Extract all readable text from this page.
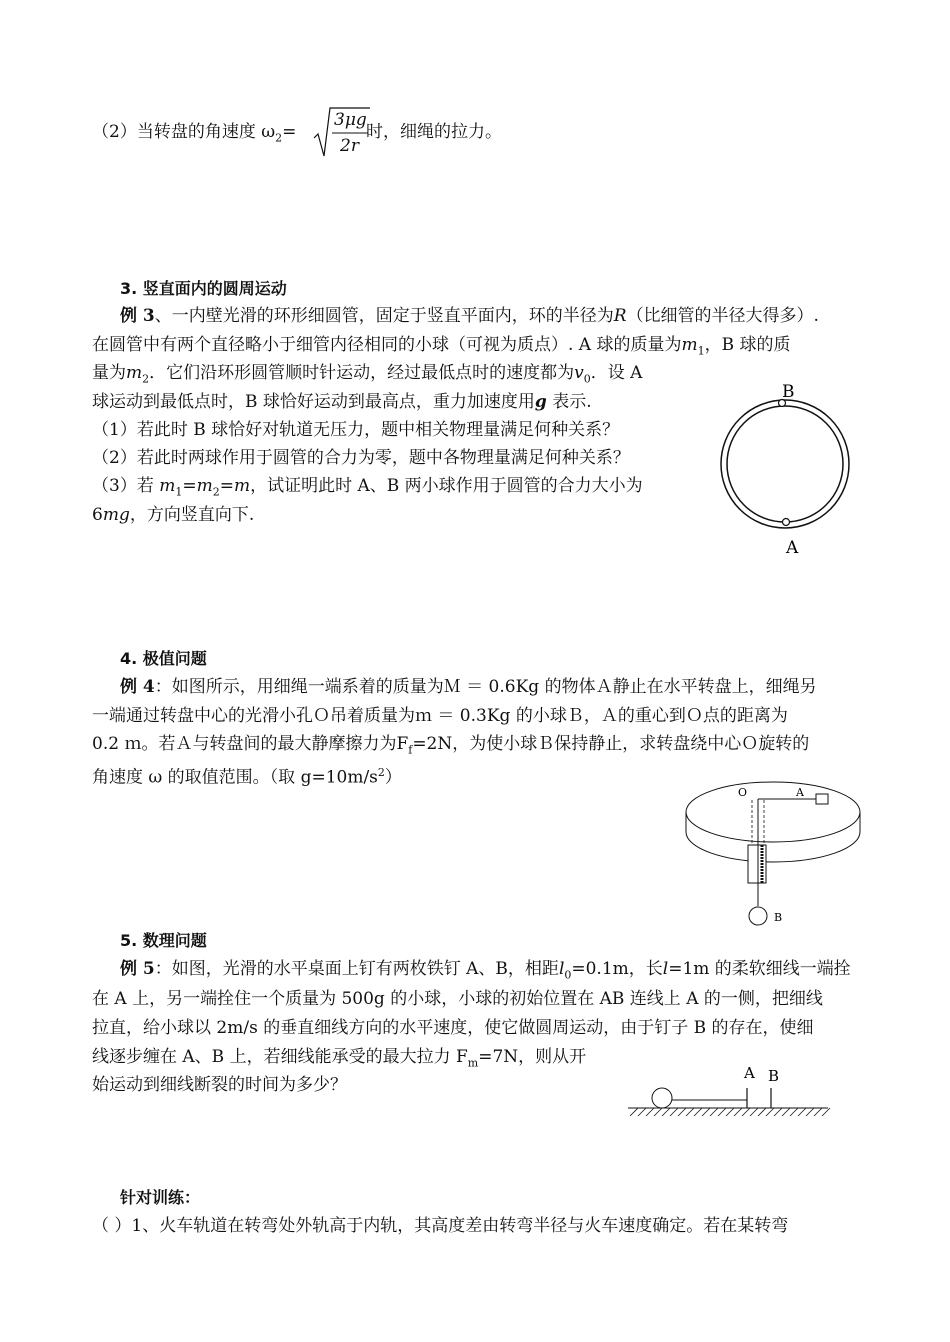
（2）当转盘的角速度 $\omega_2=$
3μg
2r
时，细绳的拉力。
3. 竖直面内的圆周运动
例 3、一内壁光滑的环形细圆管，固定于竖直平面内，环的半径为R（比细管的半径大得多）.
在圆管中有两个直径略小于细管内径相同的小球（可视为质点）. A 球的质量为$m_1$，B 球的质
量为$m_2$．它们沿环形圆管顺时针运动，经过最低点时的速度都为$v_0$．设 A
球运动到最低点时，B 球恰好运动到最高点，重力加速度用g 表示.
（1）若此时 B 球恰好对轨道无压力，题中相关物理量满足何种关系？
（2）若此时两球作用于圆管的合力为零，题中各物理量满足何种关系？
（3）若 $m_1=m_2=m$，试证明此时 A、B 两小球作用于圆管的合力大小为
6mg，方向竖直向下.
B
A
4. 极值问题
例 4：如图所示，用细绳一端系着的质量为Ｍ ＝ 0.6Kg 的物体Ａ静止在水平转盘上，细绳另
一端通过转盘中心的光滑小孔Ｏ吊着质量为ｍ ＝ 0.3Kg 的小球Ｂ，Ａ的重心到Ｏ点的距离为
0.2 ｍ。若Ａ与转盘间的最大静摩擦力为$F_f=2N$，为使小球Ｂ保持静止，求转盘绕中心Ｏ旋转的
角速度 ω 的取值范围。（取 $g=10m/s^2$）
O	A
B
5. 数理问题
例 5：如图，光滑的水平桌面上钉有两枚铁钉 A、B，相距$l_0=0.1m$，长l=1m 的柔软细线一端拴
在 A 上，另一端拴住一个质量为 500g 的小球，小球的初始位置在 AB 连线上 A 的一侧，把细线
拉直，给小球以 2m/s 的垂直细线方向的水平速度，使它做圆周运动，由于钉子 B 的存在，使细
线逐步缠在 A、B 上，若细线能承受的最大拉力 $F_m=7N$，则从开
始运动到细线断裂的时间为多少？
A B
针对训练：
（ ）1、火车轨道在转弯处外轨高于内轨，其高度差由转弯半径与火车速度确定。若在某转弯
